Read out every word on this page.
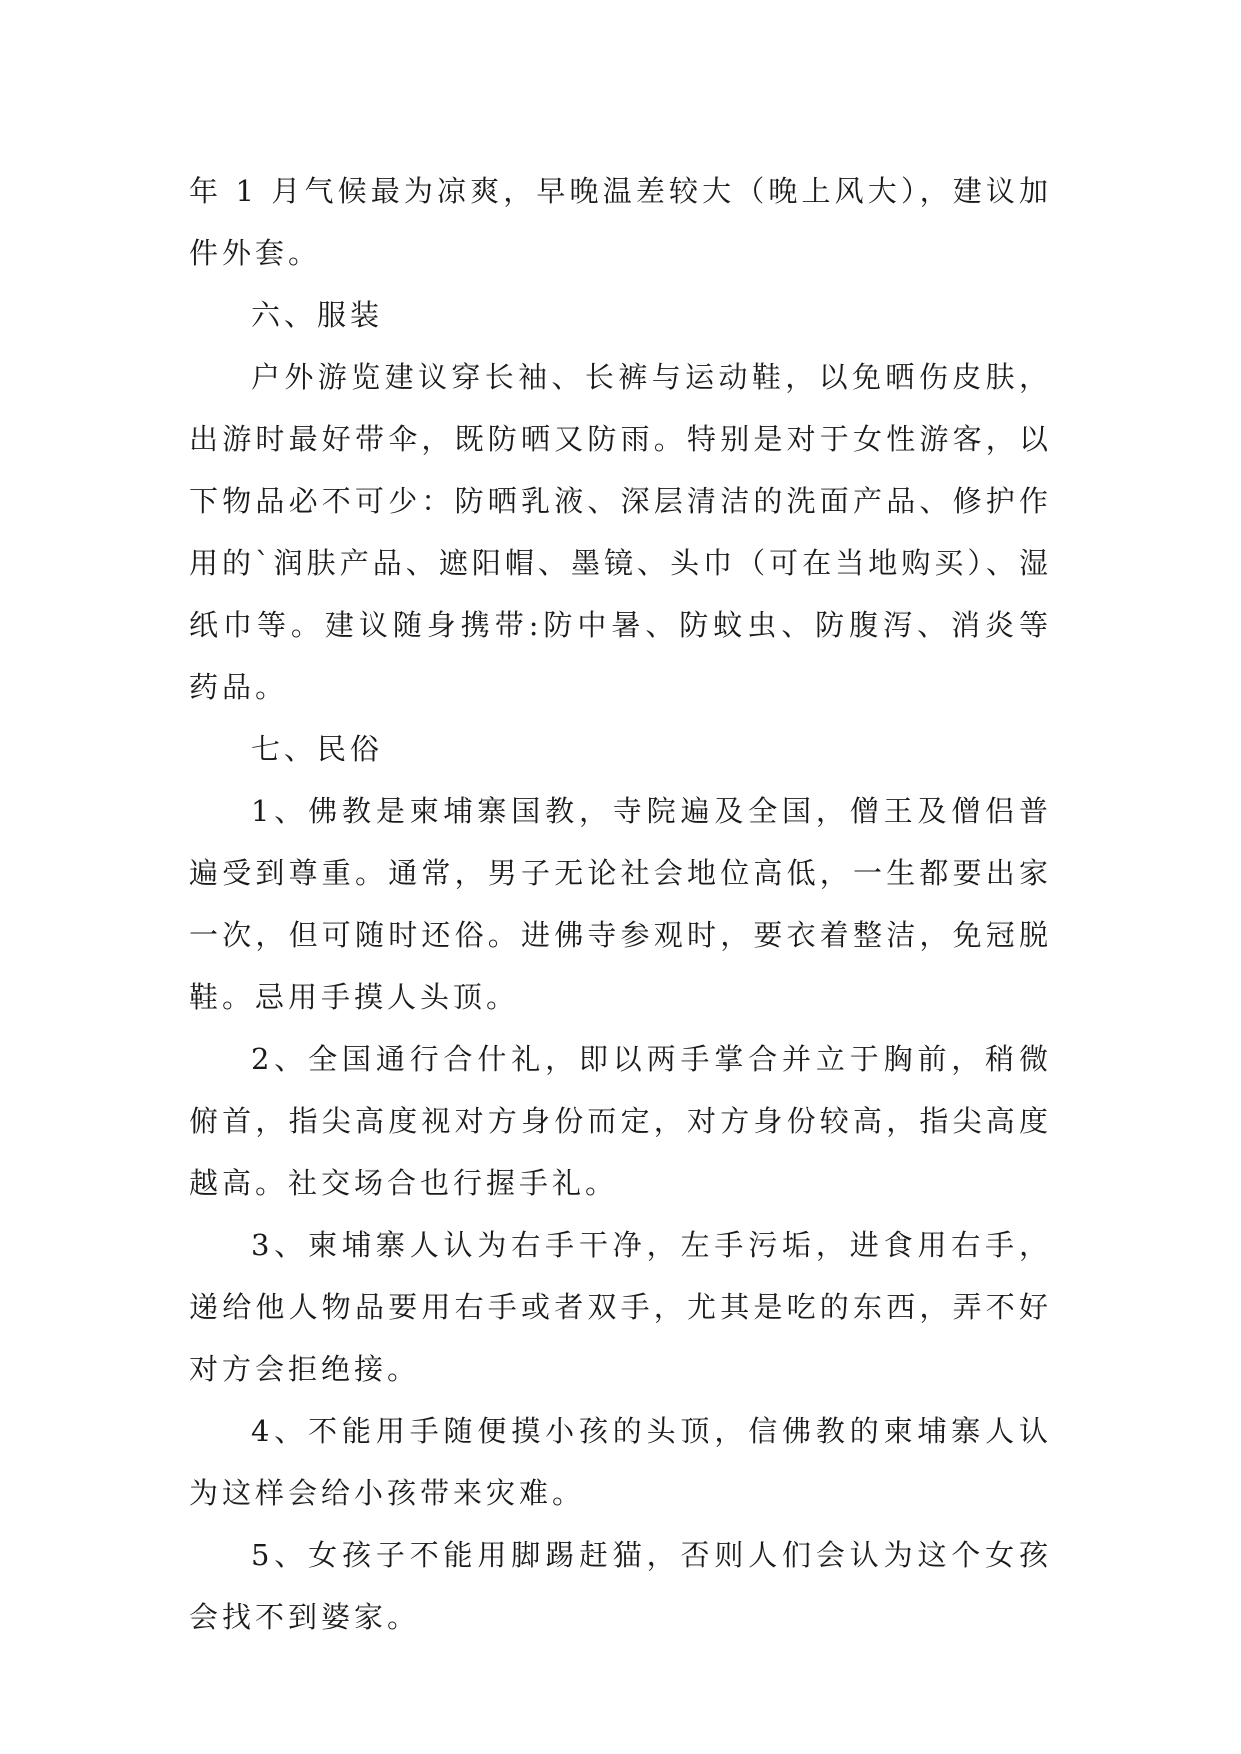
年 1 月气候最为凉爽，早晚温差较大（晚上风大），建议加件外套。

六、服装

户外游览建议穿长袖、长裤与运动鞋，以免晒伤皮肤，出游时最好带伞，既防晒又防雨。特别是对于女性游客，以下物品必不可少：防晒乳液、深层清洁的洗面产品、修护作用的`润肤产品、遮阳帽、墨镜、头巾（可在当地购买）、湿纸巾等。建议随身携带:防中暑、防蚊虫、防腹泻、消炎等药品。

七、民俗

1、佛教是柬埔寨国教，寺院遍及全国，僧王及僧侣普遍受到尊重。通常，男子无论社会地位高低，一生都要出家一次，但可随时还俗。进佛寺参观时，要衣着整洁，免冠脱鞋。忌用手摸人头顶。

2、全国通行合什礼，即以两手掌合并立于胸前，稍微俯首，指尖高度视对方身份而定，对方身份较高，指尖高度越高。社交场合也行握手礼。

3、柬埔寨人认为右手干净，左手污垢，进食用右手，递给他人物品要用右手或者双手，尤其是吃的东西，弄不好对方会拒绝接。

4、不能用手随便摸小孩的头顶，信佛教的柬埔寨人认为这样会给小孩带来灾难。

5、女孩子不能用脚踢赶猫，否则人们会认为这个女孩会找不到婆家。
